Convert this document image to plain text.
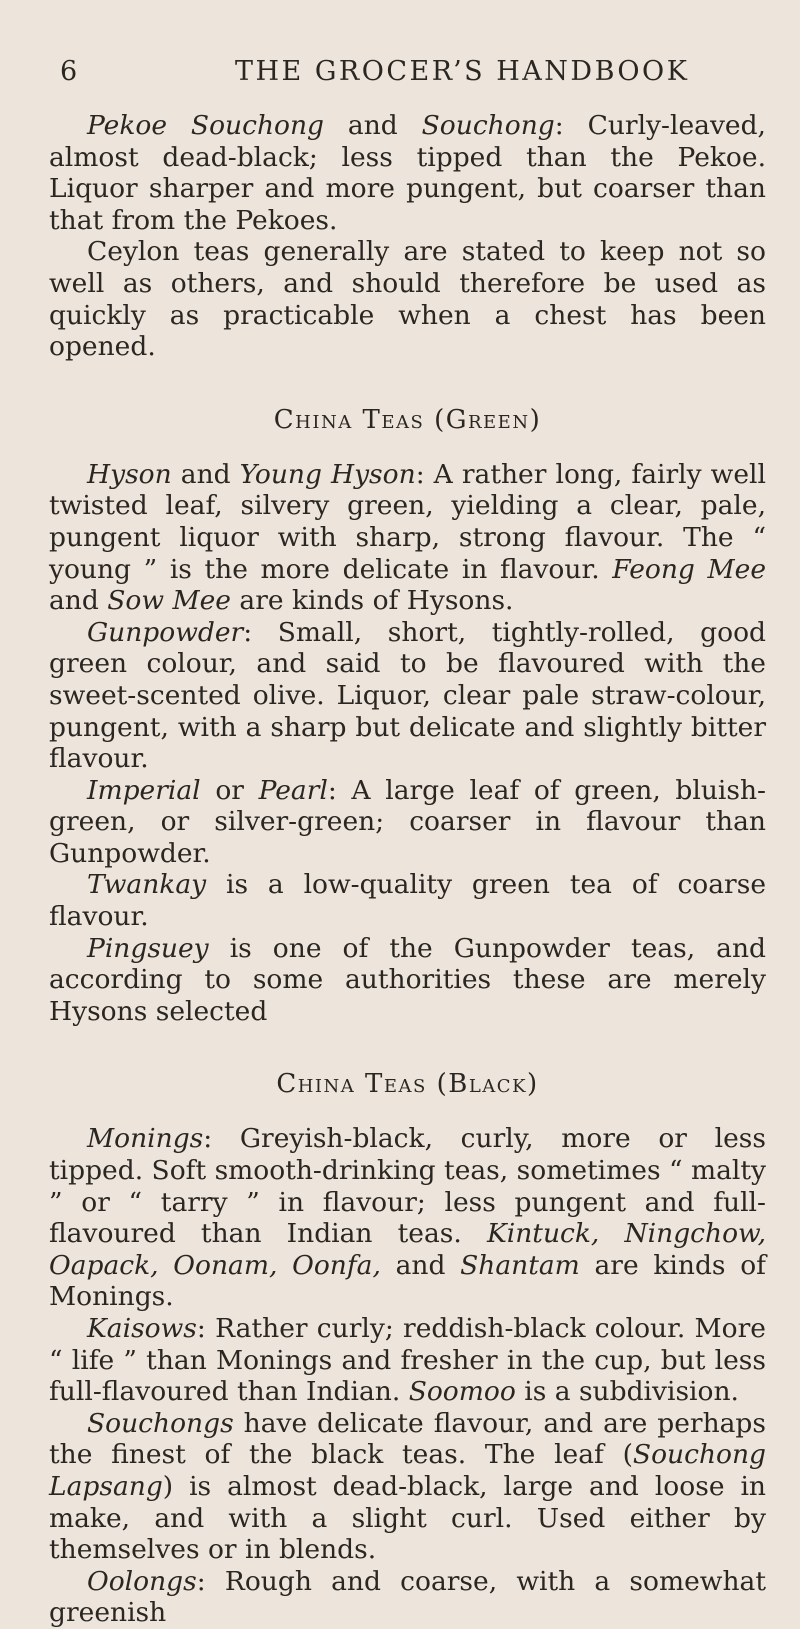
6	THE GROCER’S HANDBOOK

Pekoe Souchong and Souchong: Curly-leaved, almost dead-black; less tipped than the Pekoe. Liquor sharper and more pungent, but coarser than that from the Pekoes.

Ceylon teas generally are stated to keep not so well as others, and should therefore be used as quickly as practicable when a chest has been opened.

China Teas (Green)

Hyson and Young Hyson: A rather long, fairly well twisted leaf, silvery green, yielding a clear, pale, pungent liquor with sharp, strong flavour. The “ young ” is the more delicate in flavour. Feong Mee and Sow Mee are kinds of Hysons.

Gunpowder: Small, short, tightly-rolled, good green colour, and said to be flavoured with the sweet-scented olive. Liquor, clear pale straw-colour, pungent, with a sharp but delicate and slightly bitter flavour.

Imperial or Pearl: A large leaf of green, bluish-green, or silver-green; coarser in flavour than Gunpowder.

Twankay is a low-quality green tea of coarse flavour.

Pingsuey is one of the Gunpowder teas, and according to some authorities these are merely Hysons selected

China Teas (Black)

Monings: Greyish-black, curly, more or less tipped. Soft smooth-drinking teas, sometimes “ malty ” or “ tarry ” in flavour; less pungent and full-flavoured than Indian teas. Kintuck, Ningchow, Oapack, Oonam, Oonfa, and Shantam are kinds of Monings.

Kaisows: Rather curly; reddish-black colour. More “ life ” than Monings and fresher in the cup, but less full-flavoured than Indian. Soomoo is a subdivision.

Souchongs have delicate flavour, and are perhaps the finest of the black teas. The leaf (Souchong Lapsang) is almost dead-black, large and loose in make, and with a slight curl. Used either by themselves or in blends.

Oolongs: Rough and coarse, with a somewhat greenish
